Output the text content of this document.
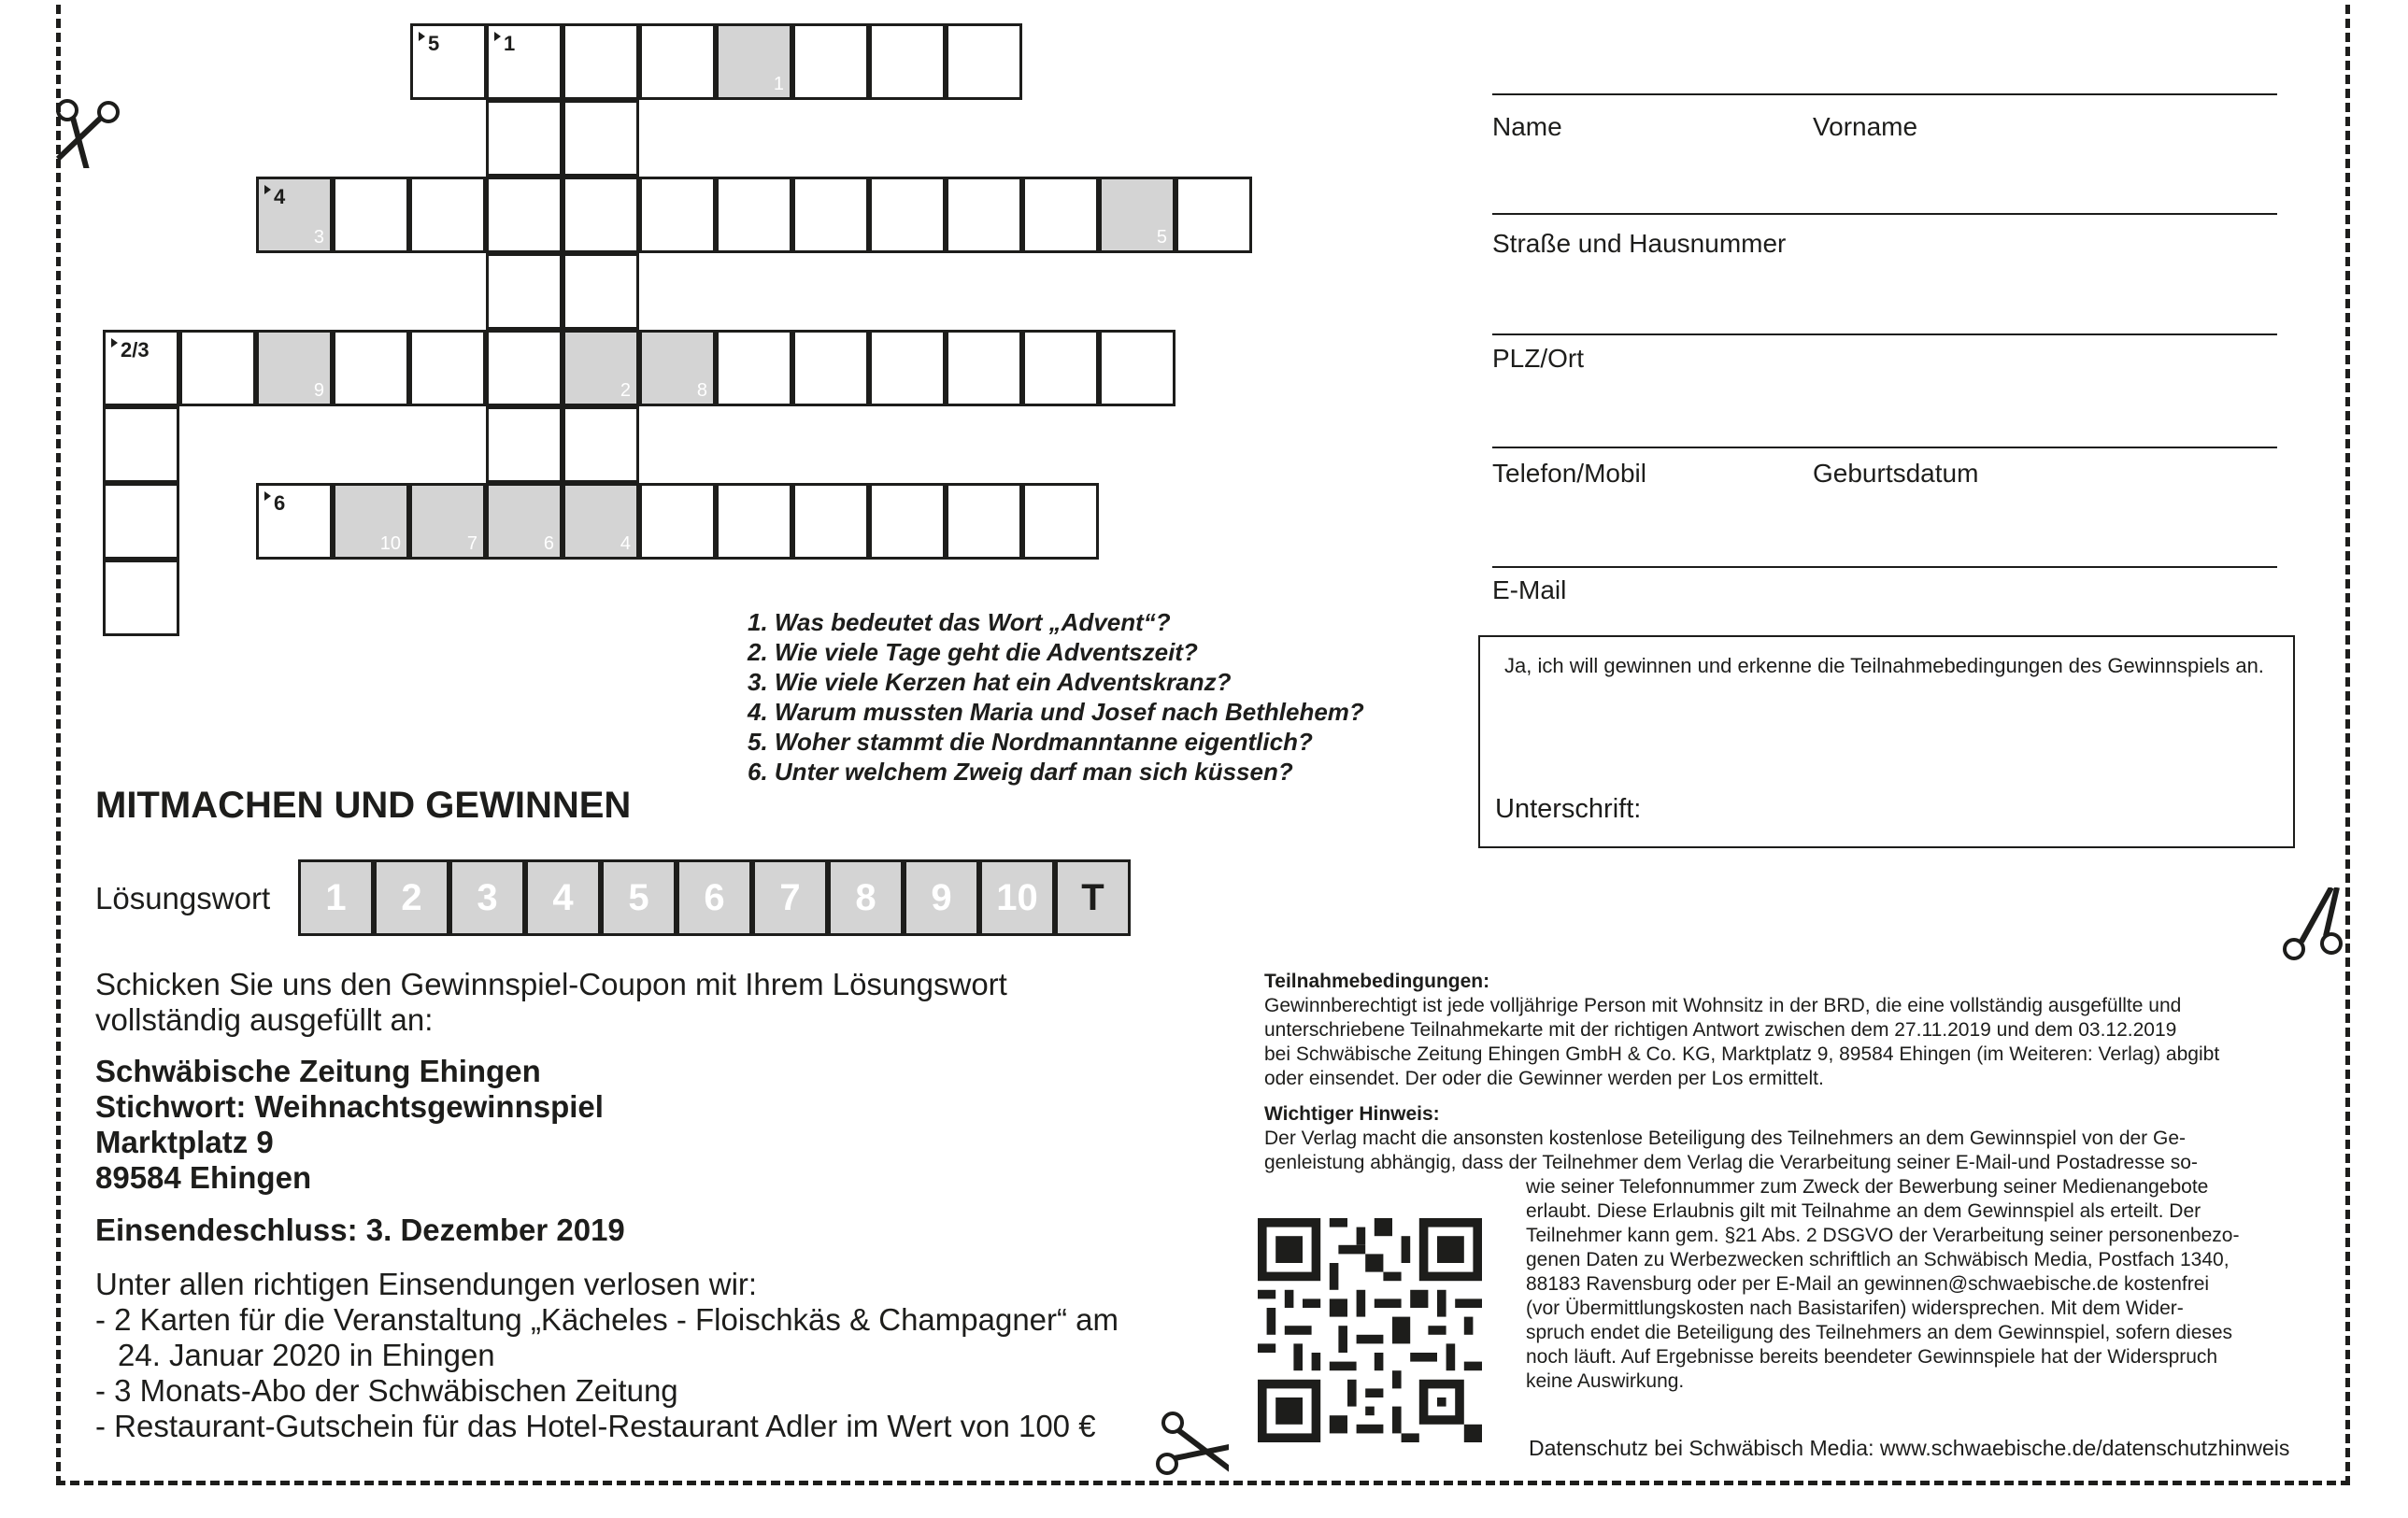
5	1
1
4
3	5
2/3
9	2	8
6
10	7	6	4
1. Was bedeutet das Wort „Advent“?
2. Wie viele Tage geht die Adventszeit?
3. Wie viele Kerzen hat ein Adventskranz?
4. Warum mussten Maria und Josef nach Bethlehem?
5. Woher stammt die Nordmanntanne eigentlich?
6. Unter welchem Zweig darf man sich küssen?
MITMACHEN UND GEWINNEN
Lösungswort	1	2	3	4	5	6	7	8	9	10	T
Schicken Sie uns den Gewinnspiel-Coupon mit Ihrem Lösungswort
vollständig ausgefüllt an:
Schwäbische Zeitung Ehingen
Stichwort: Weihnachtsgewinnspiel
Marktplatz 9
89584 Ehingen
Einsendeschluss: 3. Dezember 2019
Unter allen richtigen Einsendungen verlosen wir:
- 2 Karten für die Veranstaltung „Kächeles - Floischkäs & Champagner“ am
24. Januar 2020 in Ehingen
- 3 Monats-Abo der Schwäbischen Zeitung
- Restaurant-Gutschein für das Hotel-Restaurant Adler im Wert von 100 €
Name	Vorname
Straße und Hausnummer
PLZ/Ort
Telefon/Mobil	Geburtsdatum
E-Mail
Ja, ich will gewinnen und erkenne die Teilnahmebedingungen des Gewinnspiels an.
Unterschrift:
Teilnahmebedingungen:
Gewinnberechtigt ist jede volljährige Person mit Wohnsitz in der BRD, die eine vollständig ausgefüllte und
unterschriebene Teilnahmekarte mit der richtigen Antwort zwischen dem 27.11.2019 und dem 03.12.2019
bei Schwäbische Zeitung Ehingen GmbH & Co. KG, Marktplatz 9, 89584 Ehingen (im Weiteren: Verlag) abgibt
oder einsendet. Der oder die Gewinner werden per Los ermittelt.
Wichtiger Hinweis:
Der Verlag macht die ansonsten kostenlose Beteiligung des Teilnehmers an dem Gewinnspiel von der Ge-
genleistung abhängig, dass der Teilnehmer dem Verlag die Verarbeitung seiner E-Mail-und Postadresse so-
wie seiner Telefonnummer zum Zweck der Bewerbung seiner Medienangebote
erlaubt. Diese Erlaubnis gilt mit Teilnahme an dem Gewinnspiel als erteilt. Der
Teilnehmer kann gem. §21 Abs. 2 DSGVO der Verarbeitung seiner personenbezo-
genen Daten zu Werbezwecken schriftlich an Schwäbisch Media, Postfach 1340,
88183 Ravensburg oder per E-Mail an gewinnen@schwaebische.de kostenfrei
(vor Übermittlungskosten nach Basistarifen) widersprechen. Mit dem Wider-
spruch endet die Beteiligung des Teilnehmers an dem Gewinnspiel, sofern dieses
noch läuft. Auf Ergebnisse bereits beendeter Gewinnspiele hat der Widerspruch
keine Auswirkung.
Datenschutz bei Schwäbisch Media: www.schwaebische.de/datenschutzhinweis
